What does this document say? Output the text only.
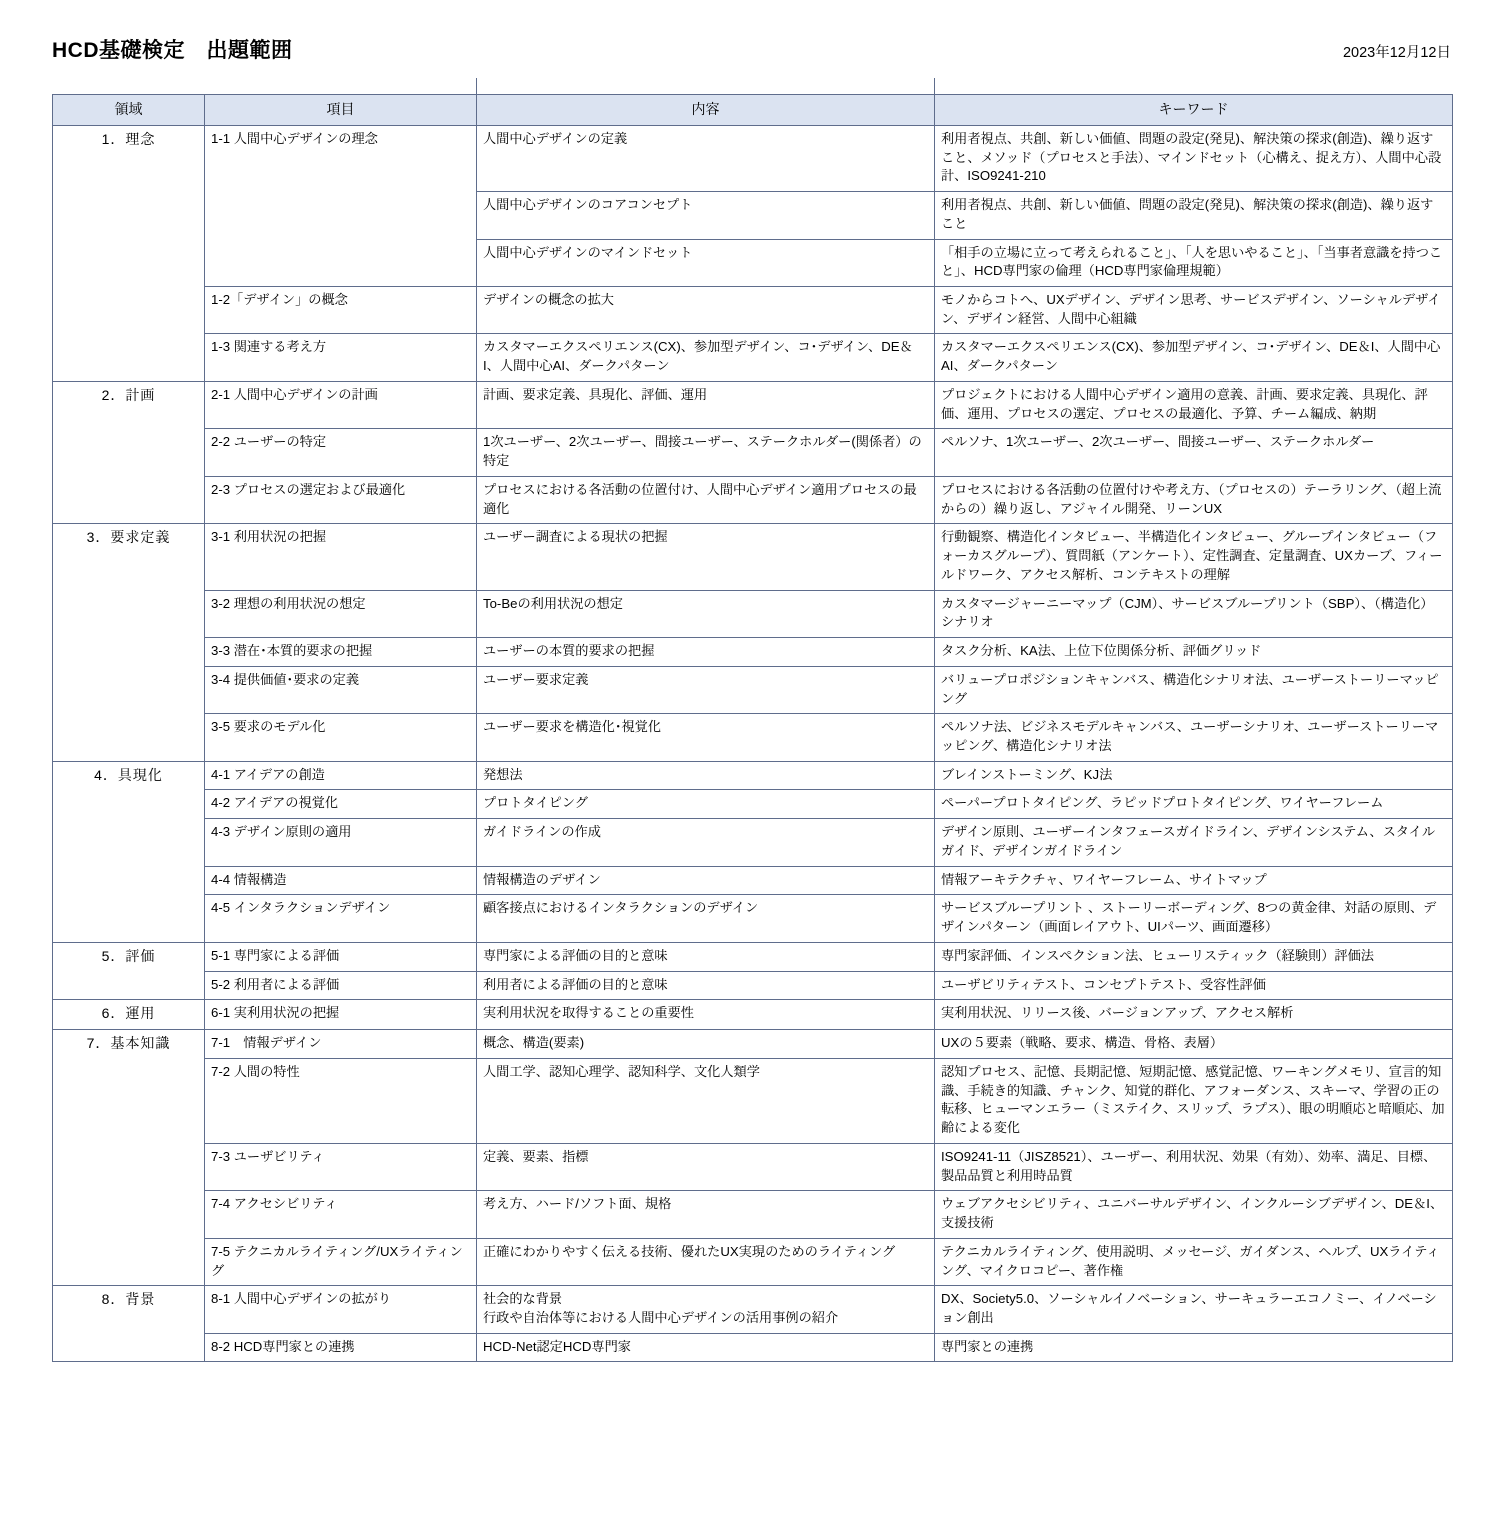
HCD基礎検定　出題範囲	2023年12月12日
領域	項目	内容	キーワード
1．理念	1-1 人間中心デザインの理念	人間中心デザインの定義	利用者視点、共創、新しい価値、問題の設定(発見)、解決策の探求(創造)、繰り返すこと、メソッド（プロセスと手法）、マインドセット（心構え、捉え方）、人間中心設計、ISO9241-210

		人間中心デザインのコアコンセプト	利用者視点、共創、新しい価値、問題の設定(発見)、解決策の探求(創造)、繰り返すこと

		人間中心デザインのマインドセット	「相手の立場に立って考えられること」、「人を思いやること」、「当事者意識を持つこと」、HCD専門家の倫理（HCD専門家倫理規範）
	1-2「デザイン」の概念	デザインの概念の拡大	モノからコトへ、UXデザイン、デザイン思考、サービスデザイン、ソーシャルデザイン、デザイン経営、人間中心組織
	1-3 関連する考え方	カスタマーエクスペリエンス(CX)、参加型デザイン、コ･デザイン、DE＆I、人間中心AI、ダークパターン	カスタマーエクスペリエンス(CX)、参加型デザイン、コ･デザイン、DE＆I、人間中心AI、ダークパターン
2．計画	2-1 人間中心デザインの計画	計画、要求定義、具現化、評価、運用	プロジェクトにおける人間中心デザイン適用の意義、計画、要求定義、具現化、評価、運用、プロセスの選定、プロセスの最適化、予算、チーム編成、納期
	2-2 ユーザーの特定	1次ユーザー、2次ユーザー、間接ユーザー、ステークホルダー(関係者）の特定	ペルソナ、1次ユーザー、2次ユーザー、間接ユーザー、ステークホルダー
	2-3 プロセスの選定および最適化	プロセスにおける各活動の位置付け、人間中心デザイン適用プロセスの最適化	プロセスにおける各活動の位置付けや考え方、（プロセスの）テーラリング、（超上流からの）繰り返し、アジャイル開発、リーンUX
3．要求定義	3-1 利用状況の把握	ユーザー調査による現状の把握	行動観察、構造化インタビュー、半構造化インタビュー、グループインタビュー（フォーカスグループ）、質問紙（アンケート）、定性調査、定量調査、UXカーブ、フィールドワーク、アクセス解析、コンテキストの理解
	3-2 理想の利用状況の想定	To-Beの利用状況の想定	カスタマージャーニーマップ（CJM）、サービスブループリント（SBP）、（構造化）シナリオ
	3-3 潜在･本質的要求の把握	ユーザーの本質的要求の把握	タスク分析、KA法、上位下位関係分析、評価グリッド
	3-4 提供価値･要求の定義	ユーザー要求定義	バリュープロポジションキャンバス、構造化シナリオ法、ユーザーストーリーマッピング
	3-5 要求のモデル化	ユーザー要求を構造化･視覚化	ペルソナ法、ビジネスモデルキャンバス、ユーザーシナリオ、ユーザーストーリーマッピング、構造化シナリオ法
4．具現化	4-1 アイデアの創造	発想法	ブレインストーミング、KJ法
	4-2 アイデアの視覚化	プロトタイピング	ペーパープロトタイピング、ラピッドプロトタイピング、ワイヤーフレーム
	4-3 デザイン原則の適用	ガイドラインの作成	デザイン原則、ユーザーインタフェースガイドライン、デザインシステム、スタイルガイド、デザインガイドライン
	4-4 情報構造	情報構造のデザイン	情報アーキテクチャ、ワイヤーフレーム、サイトマップ
	4-5 インタラクションデザイン	顧客接点におけるインタラクションのデザイン	サービスブループリント 、ストーリーボーディング、8つの黄金律、対話の原則、デザインパターン（画面レイアウト、UIパーツ、画面遷移）
5．評価	5-1 専門家による評価	専門家による評価の目的と意味	専門家評価、インスペクション法、ヒューリスティック（経験則）評価法
	5-2 利用者による評価	利用者による評価の目的と意味	ユーザビリティテスト、コンセプトテスト、受容性評価
6．運用	6-1 実利用状況の把握	実利用状況を取得することの重要性	実利用状況、リリース後、バージョンアップ、アクセス解析
7．基本知識	7-1　情報デザイン	概念、構造(要素)	UXの５要素（戦略、要求、構造、骨格、表層）
	7-2 人間の特性	人間工学、認知心理学、認知科学、文化人類学	認知プロセス、記憶、長期記憶、短期記憶、感覚記憶、ワーキングメモリ、宣言的知識、手続き的知識、チャンク、知覚的群化、アフォーダンス、スキーマ、学習の正の転移、ヒューマンエラー（ミステイク、スリップ、ラプス）、眼の明順応と暗順応、加齢による変化
	7-3 ユーザビリティ	定義、要素、指標	ISO9241-11（JISZ8521）、ユーザー、利用状況、効果（有効）、効率、満足、目標、製品品質と利用時品質
	7-4 アクセシビリティ	考え方、ハード/ソフト面、規格	ウェブアクセシビリティ、ユニバーサルデザイン、インクルーシブデザイン、DE＆I、支援技術
	7-5 テクニカルライティング/UXライティング	正確にわかりやすく伝える技術、優れたUX実現のためのライティング	テクニカルライティング、使用説明、メッセージ、ガイダンス、ヘルプ、UXライティング、マイクロコピー、著作権
8．背景	8-1 人間中心デザインの拡がり	社会的な背景
行政や自治体等における人間中心デザインの活用事例の紹介	DX、Society5.0、ソーシャルイノベーション、サーキュラーエコノミー、イノベーション創出
	8-2 HCD専門家との連携	HCD-Net認定HCD専門家	専門家との連携
